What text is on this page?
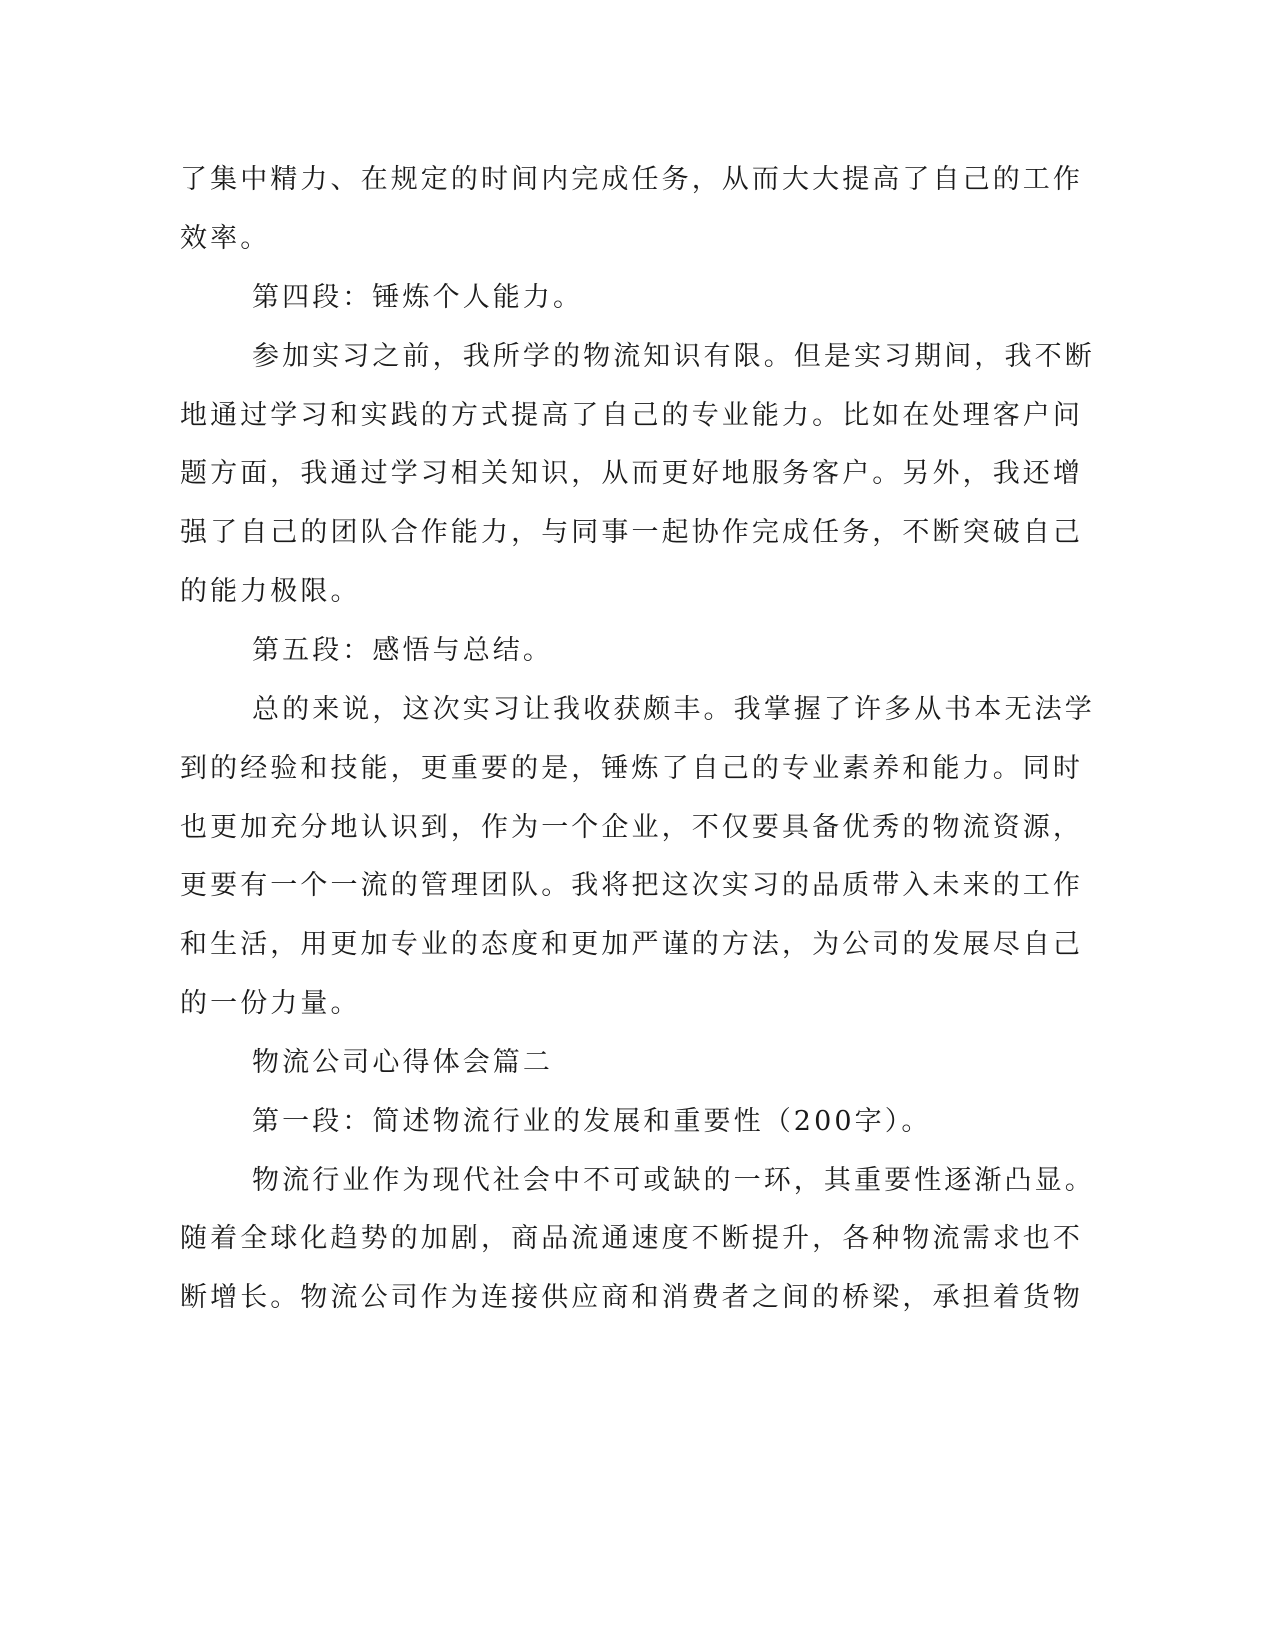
了集中精力、在规定的时间内完成任务，从而大大提高了自己的工作
效率。
第四段：锤炼个人能力。
参加实习之前，我所学的物流知识有限。但是实习期间，我不断
地通过学习和实践的方式提高了自己的专业能力。比如在处理客户问
题方面，我通过学习相关知识，从而更好地服务客户。另外，我还增
强了自己的团队合作能力，与同事一起协作完成任务，不断突破自己
的能力极限。
第五段：感悟与总结。
总的来说，这次实习让我收获颇丰。我掌握了许多从书本无法学
到的经验和技能，更重要的是，锤炼了自己的专业素养和能力。同时
也更加充分地认识到，作为一个企业，不仅要具备优秀的物流资源，
更要有一个一流的管理团队。我将把这次实习的品质带入未来的工作
和生活，用更加专业的态度和更加严谨的方法，为公司的发展尽自己
的一份力量。
物流公司心得体会篇二
第一段：简述物流行业的发展和重要性（200字）。
物流行业作为现代社会中不可或缺的一环，其重要性逐渐凸显。
随着全球化趋势的加剧，商品流通速度不断提升，各种物流需求也不
断增长。物流公司作为连接供应商和消费者之间的桥梁，承担着货物
